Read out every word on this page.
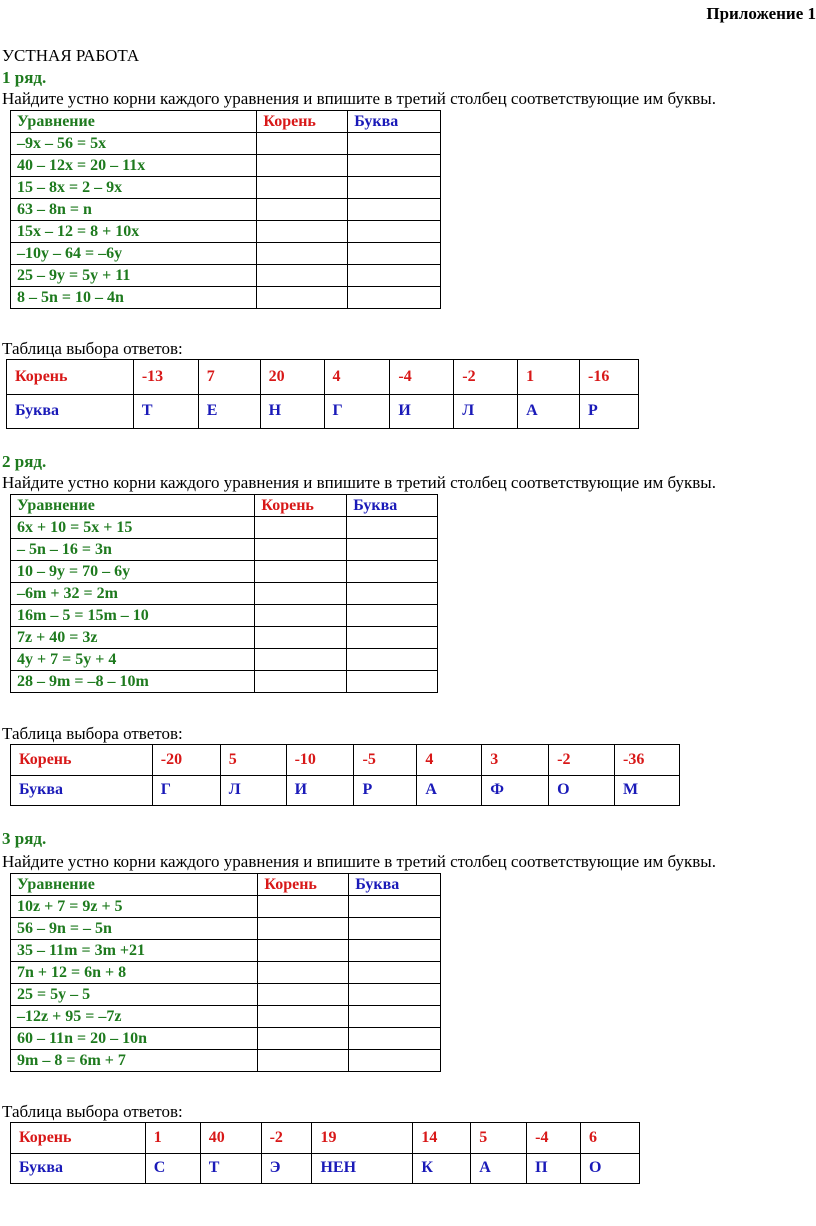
Приложение 1
УСТНАЯ РАБОТА
1 ряд.
Найдите устно корни каждого уравнения и впишите в третий столбец соответствующие им буквы.
Уравнение	Корень	Буква
–9x – 56 = 5x		
40 – 12x = 20 – 11x		
15 – 8x = 2 – 9x		
63 – 8n = n		
15x – 12 = 8 + 10x		
–10y – 64 = –6y		
25 – 9y = 5y + 11		
8 – 5n = 10 – 4n		
Таблица выбора ответов:
Корень	-13	7	20	4	-4	-2	1	-16
Буква	Т	Е	Н	Г	И	Л	А	Р
2 ряд.
Найдите устно корни каждого уравнения и впишите в третий столбец соответствующие им буквы.
Уравнение	Корень	Буква
6x + 10 = 5x + 15		
– 5n – 16 = 3n		
10 – 9y = 70 – 6y		
–6m + 32 = 2m		
16m – 5 = 15m – 10		
7z + 40 = 3z		
4y + 7 = 5y + 4		
28 – 9m = –8 – 10m		
Таблица выбора ответов:
Корень	-20	5	-10	-5	4	3	-2	-36
Буква	Г	Л	И	Р	А	Ф	О	М
3 ряд.
Найдите устно корни каждого уравнения и впишите в третий столбец соответствующие им буквы.
Уравнение	Корень	Буква
10z + 7 = 9z + 5		
56 – 9n = – 5n		
35 – 11m = 3m +21		
7n + 12 = 6n + 8		
25 = 5y – 5		
–12z + 95 = –7z		
60 – 11n = 20 – 10n		
9m – 8 = 6m + 7		
Таблица выбора ответов:
Корень	1	40	-2	19	14	5	-4	6
Буква	С	Т	Э	НЕН	К	А	П	О
